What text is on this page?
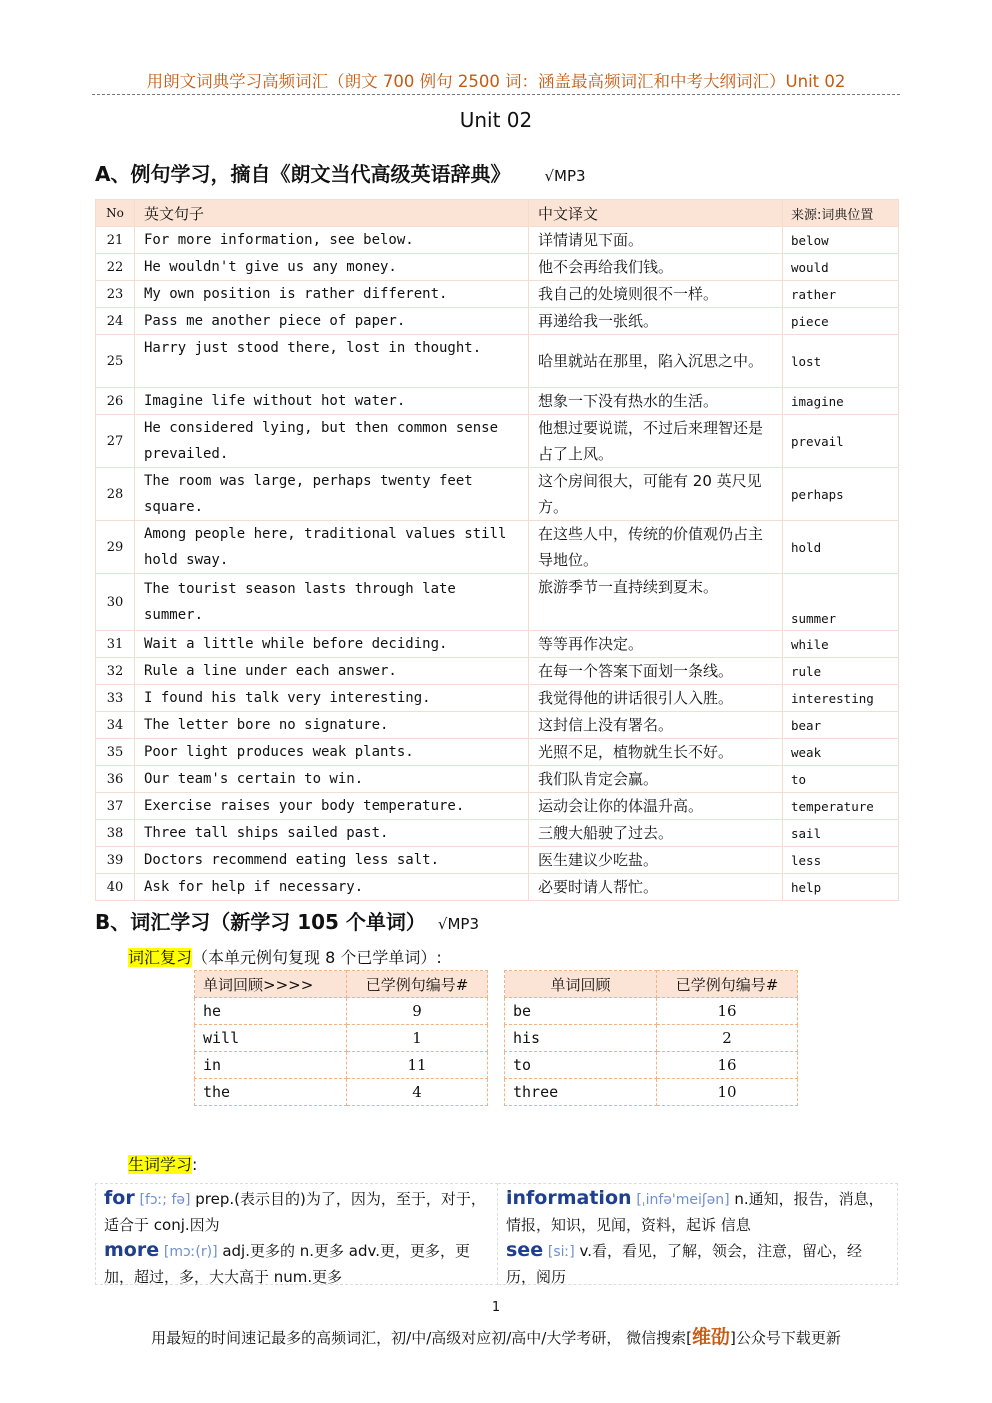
用朗文词典学习高频词汇（朗文 700 例句 2500 词：涵盖最高频词汇和中考大纲词汇）Unit 02
Unit 02
A、例句学习，摘自《朗文当代高级英语辞典》 √MP3
No	英文句子	中文译文	来源:词典位置
21	For more information, see below.	详情请见下面。	below
22	He wouldn't give us any money.	他不会再给我们钱。	would
23	My own position is rather different.	我自己的处境则很不一样。	rather
24	Pass me another piece of paper.	再递给我一张纸。	piece
25	Harry just stood there, lost in thought.	哈里就站在那里，陷入沉思之中。	lost
26	Imagine life without hot water.	想象一下没有热水的生活。	imagine
27	He considered lying, but then common sense prevailed.	他想过要说谎，不过后来理智还是占了上风。	prevail
28	The room was large, perhaps twenty feet square.	这个房间很大，可能有 20 英尺见方。	perhaps
29	Among people here, traditional values still hold sway.	在这些人中，传统的价值观仍占主导地位。	hold
30	The tourist season lasts through late summer.	旅游季节一直持续到夏末。	summer
31	Wait a little while before deciding.	等等再作决定。	while
32	Rule a line under each answer.	在每一个答案下面划一条线。	rule
33	I found his talk very interesting.	我觉得他的讲话很引人入胜。	interesting
34	The letter bore no signature.	这封信上没有署名。	bear
35	Poor light produces weak plants.	光照不足，植物就生长不好。	weak
36	Our team's certain to win.	我们队肯定会赢。	to
37	Exercise raises your body temperature.	运动会让你的体温升高。	temperature
38	Three tall ships sailed past.	三艘大船驶了过去。	sail
39	Doctors recommend eating less salt.	医生建议少吃盐。	less
40	Ask for help if necessary.	必要时请人帮忙。	help
B、词汇学习（新学习 105 个单词） √MP3
词汇复习（本单元例句复现 8 个已学单词）:
单词回顾>>>>	已学例句编号#
he	9
will	1
in	11
the	4
单词回顾	已学例句编号#
be	16
his	2
to	16
three	10
生词学习:
for [fɔː; fə] prep.(表示目的)为了，因为，至于，对于，适合于 conj.因为
more [mɔː(r)] adj.更多的 n.更多 adv.更，更多，更加，超过，多，大大高于 num.更多
information [ˌinfə'meiʃən] n.通知，报告，消息，情报，知识，见闻，资料，起诉 信息
see [siː] v.看，看见，了解，领会，注意，留心，经历，阅历
1
用最短的时间速记最多的高频词汇，初/中/高级对应初/高中/大学考研， 微信搜索[维劭]公众号下载更新
